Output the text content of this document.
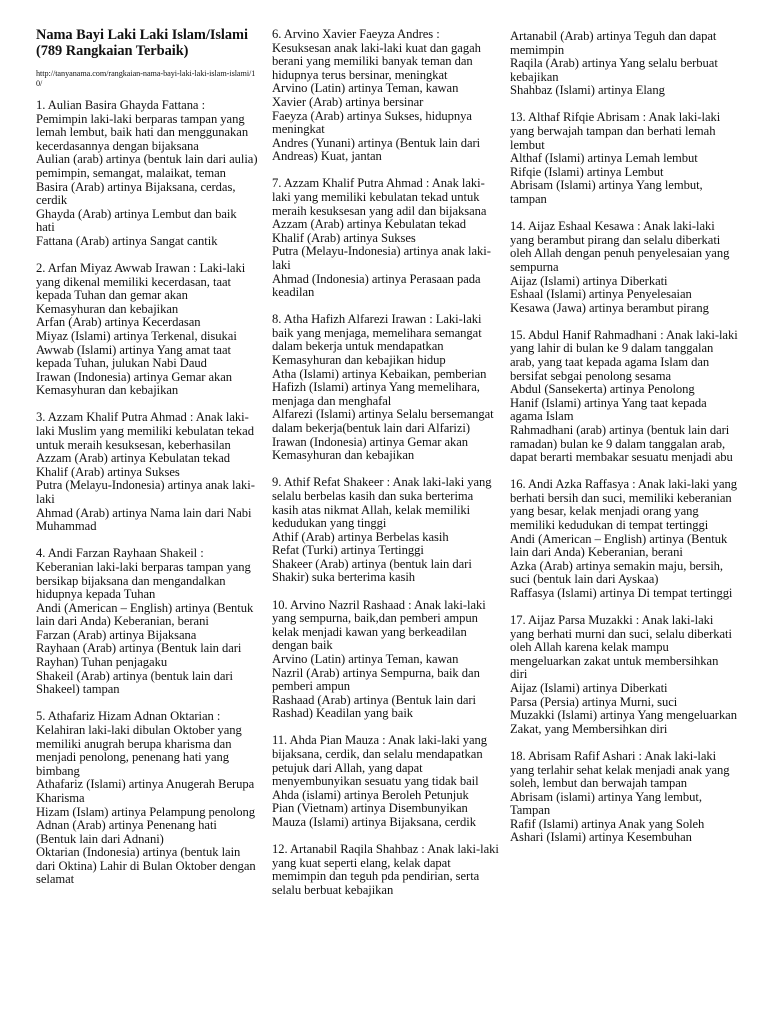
Nama Bayi Laki Laki Islam/Islami (789 Rangkaian Terbaik)
http://tanyanama.com/rangkaian-nama-bayi-laki-laki-islam-islami/10/
1. Aulian Basira Ghayda Fattana : Pemimpin laki-laki berparas tampan yang lemah lembut, baik hati dan menggunakan kecerdasannya dengan bijaksana
Aulian (arab) artinya (bentuk lain dari aulia) pemimpin, semangat, malaikat, teman
Basira (Arab) artinya Bijaksana, cerdas, cerdik
Ghayda (Arab) artinya Lembut dan baik hati
Fattana (Arab) artinya Sangat cantik
2. Arfan Miyaz Awwab Irawan : Laki-laki yang dikenal memiliki kecerdasan, taat kepada Tuhan dan gemar akan Kemasyhuran dan kebajikan
Arfan (Arab) artinya Kecerdasan
Miyaz (Islami) artinya Terkenal, disukai
Awwab (Islami) artinya Yang amat taat kepada Tuhan, julukan Nabi Daud
Irawan (Indonesia) artinya Gemar akan Kemasyhuran dan kebajikan
3. Azzam Khalif Putra Ahmad : Anak laki-laki Muslim yang memiliki kebulatan tekad untuk meraih kesuksesan, keberhasilan
Azzam (Arab) artinya Kebulatan tekad
Khalif (Arab) artinya Sukses
Putra (Melayu-Indonesia) artinya anak laki-laki
Ahmad (Arab) artinya Nama lain dari Nabi Muhammad
4. Andi Farzan Rayhaan Shakeil : Keberanian laki-laki berparas tampan yang bersikap bijaksana dan mengandalkan hidupnya kepada Tuhan
Andi (American – English) artinya (Bentuk lain dari Anda) Keberanian, berani
Farzan (Arab) artinya Bijaksana
Rayhaan (Arab) artinya (Bentuk lain dari Rayhan) Tuhan penjagaku
Shakeil (Arab) artinya (bentuk lain dari Shakeel) tampan
5. Athafariz Hizam Adnan Oktarian : Kelahiran laki-laki dibulan Oktober yang memiliki anugrah berupa kharisma dan menjadi penolong, penenang hati yang bimbang
Athafariz (Islami) artinya Anugerah Berupa Kharisma
Hizam (Islam) artinya Pelampung penolong
Adnan (Arab) artinya Penenang hati (Bentuk lain dari Adnani)
Oktarian (Indonesia) artinya (bentuk lain dari Oktina) Lahir di Bulan Oktober dengan selamat
6. Arvino Xavier Faeyza Andres : Kesuksesan anak laki-laki kuat dan gagah berani yang memiliki banyak teman dan hidupnya terus bersinar, meningkat
Arvino (Latin) artinya Teman, kawan
Xavier (Arab) artinya bersinar
Faeyza (Arab) artinya Sukses, hidupnya meningkat
Andres (Yunani) artinya (Bentuk lain dari Andreas) Kuat, jantan
7. Azzam Khalif Putra Ahmad : Anak laki-laki yang memiliki kebulatan tekad untuk meraih kesuksesan yang adil dan bijaksana
Azzam (Arab) artinya Kebulatan tekad
Khalif (Arab) artinya Sukses
Putra (Melayu-Indonesia) artinya anak laki-laki
Ahmad (Indonesia) artinya Perasaan pada keadilan
8. Atha Hafizh Alfarezi Irawan : Laki-laki baik yang menjaga, memelihara semangat dalam bekerja untuk mendapatkan Kemasyhuran dan kebajikan hidup
Atha (Islami) artinya Kebaikan, pemberian
Hafizh (Islami) artinya Yang memelihara, menjaga dan menghafal
Alfarezi (Islami) artinya Selalu bersemangat dalam bekerja(bentuk lain dari Alfarizi)
Irawan (Indonesia) artinya Gemar akan Kemasyhuran dan kebajikan
9. Athif Refat Shakeer : Anak laki-laki yang selalu berbelas kasih dan suka berterima kasih atas nikmat Allah, kelak memiliki kedudukan yang tinggi
Athif (Arab) artinya Berbelas kasih
Refat (Turki) artinya Tertinggi
Shakeer (Arab) artinya (bentuk lain dari Shakir) suka berterima kasih
10. Arvino Nazril Rashaad : Anak laki-laki yang sempurna, baik,dan pemberi ampun kelak menjadi kawan yang berkeadilan dengan baik
Arvino (Latin) artinya Teman, kawan
Nazril (Arab) artinya Sempurna, baik dan pemberi ampun
Rashaad (Arab) artinya (Bentuk lain dari Rashad) Keadilan yang baik
11. Ahda Pian Mauza : Anak laki-laki yang bijaksana, cerdik, dan selalu mendapatkan petujuk dari Allah, yang dapat menyembunyikan sesuatu yang tidak bail
Ahda (islami) artinya Beroleh Petunjuk
Pian (Vietnam) artinya Disembunyikan
Mauza (Islami) artinya Bijaksana, cerdik
12. Artanabil Raqila Shahbaz : Anak laki-laki yang kuat seperti elang, kelak dapat memimpin dan teguh pda pendirian, serta selalu berbuat kebajikan
Artanabil (Arab) artinya Teguh dan dapat memimpin
Raqila (Arab) artinya Yang selalu berbuat kebajikan
Shahbaz (Islami) artinya Elang
13. Althaf Rifqie Abrisam : Anak laki-laki yang berwajah tampan dan berhati lemah lembut
Althaf (Islami) artinya Lemah lembut
Rifqie (Islami) artinya Lembut
Abrisam (Islami) artinya Yang lembut, tampan
14. Aijaz Eshaal Kesawa : Anak laki-laki yang berambut pirang dan selalu diberkati oleh Allah dengan penuh penyelesaian yang sempurna
Aijaz (Islami) artinya Diberkati
Eshaal (Islami) artinya Penyelesaian
Kesawa (Jawa) artinya berambut pirang
15. Abdul Hanif Rahmadhani : Anak laki-laki yang lahir di bulan ke 9 dalam tanggalan arab, yang taat kepada agama Islam dan bersifat sebgai penolong sesama
Abdul (Sansekerta) artinya Penolong
Hanif (Islami) artinya Yang taat kepada agama Islam
Rahmadhani (arab) artinya (bentuk lain dari ramadan) bulan ke 9 dalam tanggalan arab, dapat berarti membakar sesuatu menjadi abu
16. Andi Azka Raffasya : Anak laki-laki yang berhati bersih dan suci, memiliki keberanian yang besar, kelak menjadi orang yang memiliki kedudukan di tempat tertinggi
Andi (American – English) artinya (Bentuk lain dari Anda) Keberanian, berani
Azka (Arab) artinya semakin maju, bersih, suci (bentuk lain dari Ayskaa)
Raffasya (Islami) artinya Di tempat tertinggi
17. Aijaz Parsa Muzakki : Anak laki-laki yang berhati murni dan suci, selalu diberkati oleh Allah karena kelak mampu mengeluarkan zakat untuk membersihkan diri
Aijaz (Islami) artinya Diberkati
Parsa (Persia) artinya Murni, suci
Muzakki (Islami) artinya Yang mengeluarkan Zakat, yang Membersihkan diri
18. Abrisam Rafif Ashari : Anak laki-laki yang terlahir sehat kelak menjadi anak yang soleh, lembut dan berwajah tampan
Abrisam (islami) artinya Yang lembut, Tampan
Rafif (Islami) artinya Anak yang Soleh
Ashari (Islami) artinya Kesembuhan
